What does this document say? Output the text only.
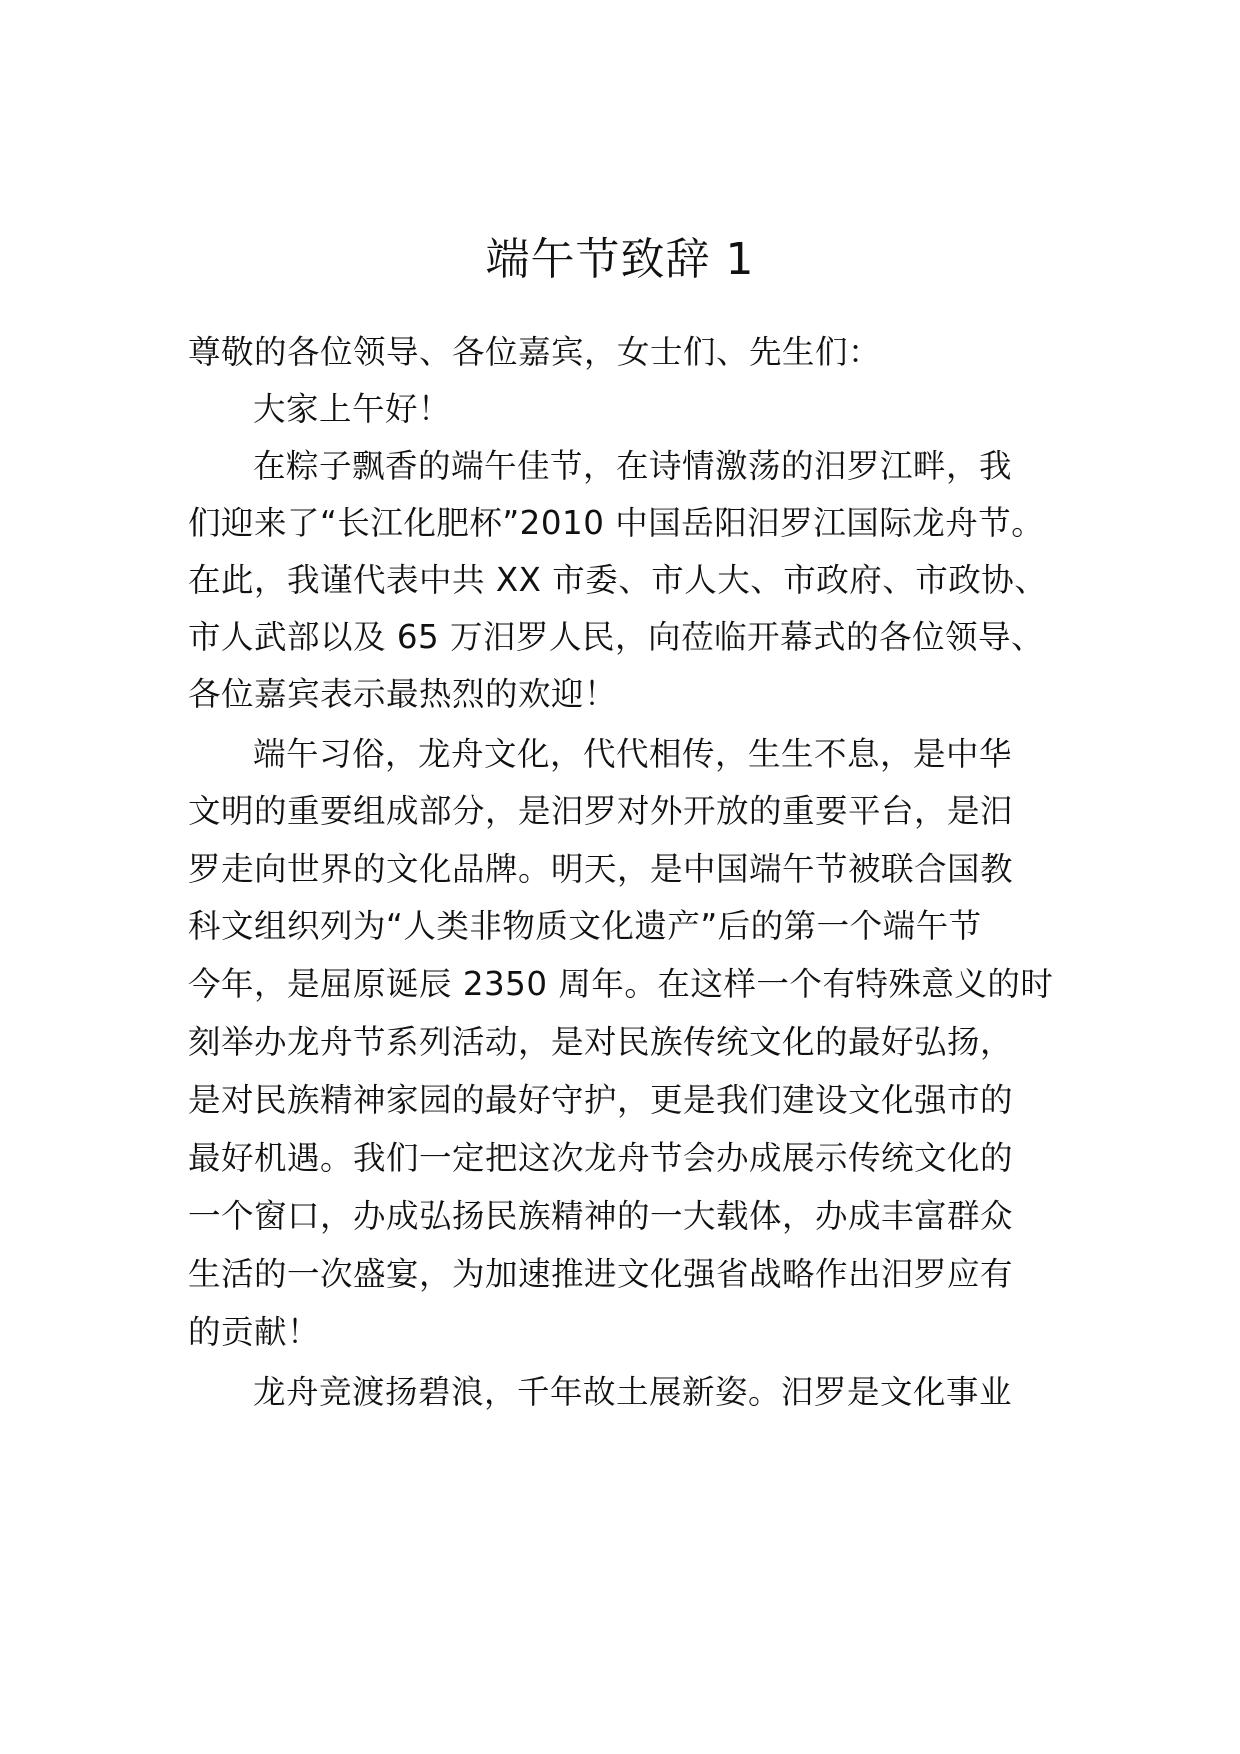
端午节致辞 1
尊敬的各位领导、各位嘉宾，女士们、先生们：
大家上午好！
在粽子飘香的端午佳节，在诗情激荡的汨罗江畔，我
们迎来了“长江化肥杯”2010 中国岳阳汨罗江国际龙舟节。
在此，我谨代表中共 XX 市委、市人大、市政府、市政协、
市人武部以及 65 万汨罗人民，向莅临开幕式的各位领导、
各位嘉宾表示最热烈的欢迎！
端午习俗，龙舟文化，代代相传，生生不息，是中华
文明的重要组成部分，是汨罗对外开放的重要平台，是汨
罗走向世界的文化品牌。明天，是中国端午节被联合国教
科文组织列为“人类非物质文化遗产”后的第一个端午节
今年，是屈原诞辰 2350 周年。在这样一个有特殊意义的时
刻举办龙舟节系列活动，是对民族传统文化的最好弘扬，
是对民族精神家园的最好守护，更是我们建设文化强市的
最好机遇。我们一定把这次龙舟节会办成展示传统文化的
一个窗口，办成弘扬民族精神的一大载体，办成丰富群众
生活的一次盛宴，为加速推进文化强省战略作出汨罗应有
的贡献！
龙舟竞渡扬碧浪，千年故土展新姿。汨罗是文化事业
